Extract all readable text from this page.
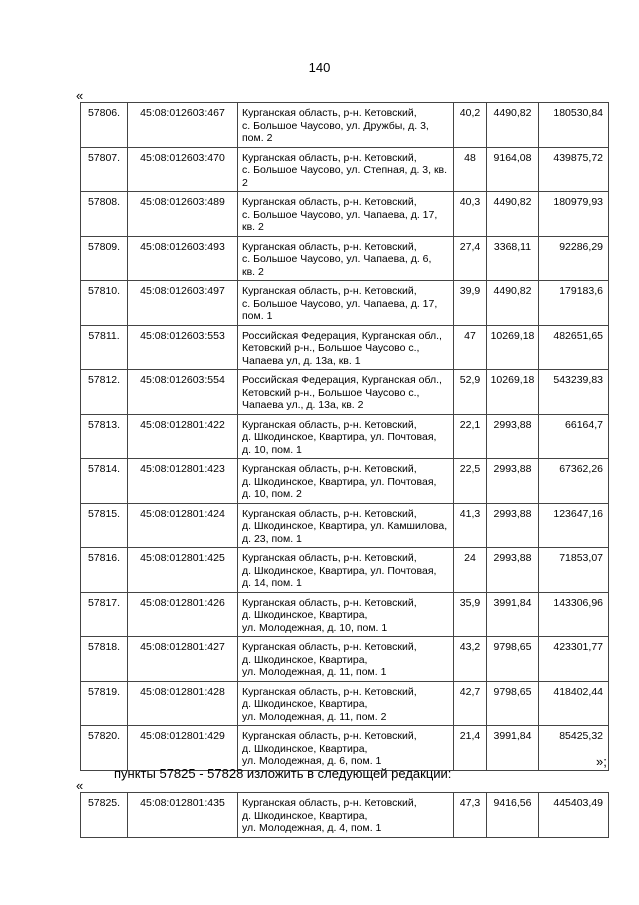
140
«
57806.	45:08:012603:467	Курганская область, р-н. Кетовский,
с. Большое Чаусово, ул. Дружбы, д. 3,
пом. 2	40,2	4490,82	180530,84
57807.	45:08:012603:470	Курганская область, р-н. Кетовский,
с. Большое Чаусово, ул. Степная, д. 3, кв.
2	48	9164,08	439875,72
57808.	45:08:012603:489	Курганская область, р-н. Кетовский,
с. Большое Чаусово, ул. Чапаева, д. 17,
кв. 2	40,3	4490,82	180979,93
57809.	45:08:012603:493	Курганская область, р-н. Кетовский,
с. Большое Чаусово, ул. Чапаева, д. 6,
кв. 2	27,4	3368,11	92286,29
57810.	45:08:012603:497	Курганская область, р-н. Кетовский,
с. Большое Чаусово, ул. Чапаева, д. 17,
пом. 1	39,9	4490,82	179183,6
57811.	45:08:012603:553	Российская Федерация, Курганская обл.,
Кетовский р-н., Большое Чаусово с.,
Чапаева ул, д. 13а, кв. 1	47	10269,18	482651,65
57812.	45:08:012603:554	Российская Федерация, Курганская обл.,
Кетовский р-н., Большое Чаусово с.,
Чапаева ул., д. 13а, кв. 2	52,9	10269,18	543239,83
57813.	45:08:012801:422	Курганская область, р-н. Кетовский,
д. Шкодинское, Квартира, ул. Почтовая,
д. 10, пом. 1	22,1	2993,88	66164,7
57814.	45:08:012801:423	Курганская область, р-н. Кетовский,
д. Шкодинское, Квартира, ул. Почтовая,
д. 10, пом. 2	22,5	2993,88	67362,26
57815.	45:08:012801:424	Курганская область, р-н. Кетовский,
д. Шкодинское, Квартира, ул. Камшилова,
д. 23, пом. 1	41,3	2993,88	123647,16
57816.	45:08:012801:425	Курганская область, р-н. Кетовский,
д. Шкодинское, Квартира, ул. Почтовая,
д. 14, пом. 1	24	2993,88	71853,07
57817.	45:08:012801:426	Курганская область, р-н. Кетовский,
д. Шкодинское, Квартира,
ул. Молодежная, д. 10, пом. 1	35,9	3991,84	143306,96
57818.	45:08:012801:427	Курганская область, р-н. Кетовский,
д. Шкодинское, Квартира,
ул. Молодежная, д. 11, пом. 1	43,2	9798,65	423301,77
57819.	45:08:012801:428	Курганская область, р-н. Кетовский,
д. Шкодинское, Квартира,
ул. Молодежная, д. 11, пом. 2	42,7	9798,65	418402,44
57820.	45:08:012801:429	Курганская область, р-н. Кетовский,
д. Шкодинское, Квартира,
ул. Молодежная, д. 6, пом. 1	21,4	3991,84	85425,32
»;
пункты 57825 - 57828 изложить в следующей редакции:
«
57825.	45:08:012801:435	Курганская область, р-н. Кетовский,
д. Шкодинское, Квартира,
ул. Молодежная, д. 4, пом. 1
	47,3	9416,56	445403,49
